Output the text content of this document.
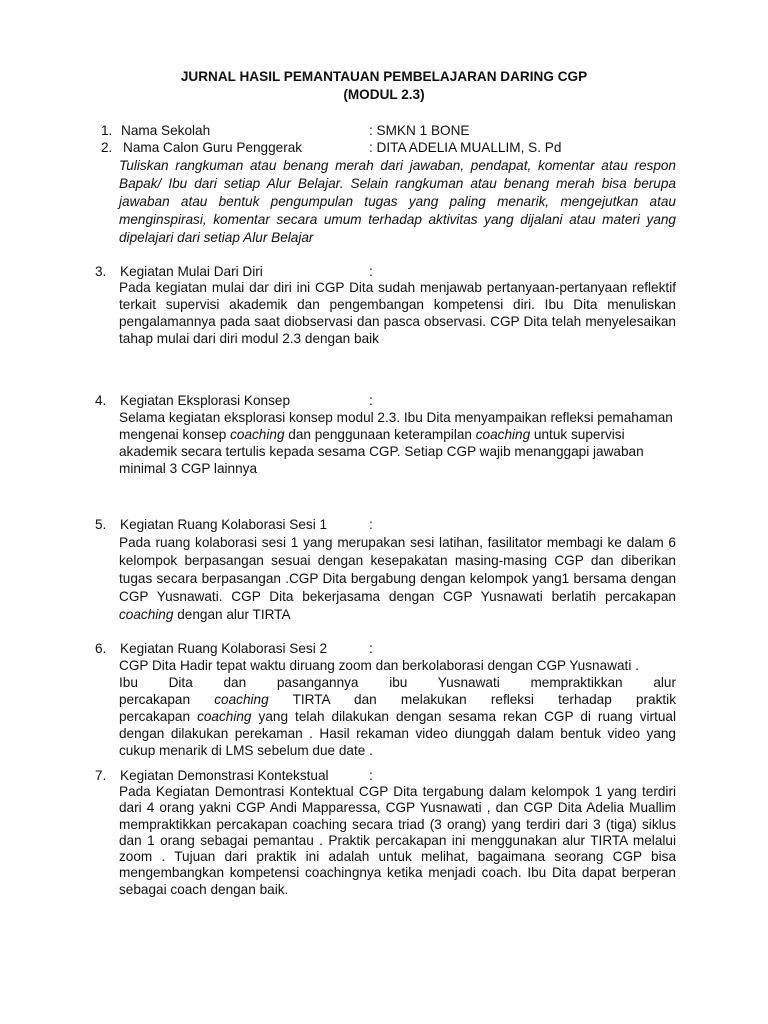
JURNAL HASIL PEMANTAUAN PEMBELAJARAN DARING CGP
(MODUL 2.3)
1. Nama Sekolah	: SMKN 1 BONE
2. Nama Calon Guru Penggerak	: DITA ADELIA MUALLIM, S. Pd

Tuliskan rangkuman atau benang merah dari jawaban, pendapat, komentar atau respon Bapak/ Ibu dari setiap Alur Belajar. Selain rangkuman atau benang merah bisa berupa jawaban atau bentuk pengumpulan tugas yang paling menarik, mengejutkan atau menginspirasi, komentar secara umum terhadap aktivitas yang dijalani atau materi yang dipelajari dari setiap Alur Belajar

3. Kegiatan Mulai Dari Diri	:

Pada kegiatan mulai dar diri ini CGP Dita sudah menjawab pertanyaan-pertanyaan reflektif terkait supervisi akademik dan pengembangan kompetensi diri. Ibu Dita menuliskan pengalamannya pada saat diobservasi dan pasca observasi. CGP Dita telah menyelesaikan tahap mulai dari diri modul 2.3 dengan baik

4. Kegiatan Eksplorasi Konsep	:

Selama kegiatan eksplorasi konsep modul 2.3. Ibu Dita menyampaikan refleksi pemahaman mengenai konsep coaching dan penggunaan keterampilan coaching untuk supervisi akademik secara tertulis kepada sesama CGP. Setiap CGP wajib menanggapi jawaban minimal 3 CGP lainnya

5. Kegiatan Ruang Kolaborasi Sesi 1	:

Pada ruang kolaborasi sesi 1 yang merupakan sesi latihan, fasilitator membagi ke dalam 6 kelompok berpasangan sesuai dengan kesepakatan masing-masing CGP dan diberikan tugas secara berpasangan .CGP Dita bergabung dengan kelompok yang1 bersama dengan CGP Yusnawati. CGP Dita bekerjasama dengan CGP Yusnawati berlatih percakapan coaching dengan alur TIRTA

6. Kegiatan Ruang Kolaborasi Sesi 2	:

CGP Dita Hadir tepat waktu diruang zoom dan berkolaborasi dengan CGP Yusnawati .

Ibu Dita dan pasangannya ibu Yusnawati mempraktikkan alur

percakapan coaching TIRTA dan melakukan refleksi terhadap praktik

percakapan coaching yang telah dilakukan dengan sesama rekan CGP di ruang virtual

dengan dilakukan perekaman . Hasil rekaman video diunggah dalam bentuk video yang

cukup menarik di LMS sebelum due date .

7. Kegiatan Demonstrasi Kontekstual	:

Pada Kegiatan Demontrasi Kontektual CGP Dita tergabung dalam kelompok 1 yang terdiri dari 4 orang yakni CGP Andi Mapparessa, CGP Yusnawati , dan CGP Dita Adelia Muallim mempraktikkan percakapan coaching secara triad (3 orang) yang terdiri dari 3 (tiga) siklus dan 1 orang sebagai pemantau . Praktik percakapan ini menggunakan alur TIRTA melalui zoom . Tujuan dari praktik ini adalah untuk melihat, bagaimana seorang CGP bisa mengembangkan kompetensi coachingnya ketika menjadi coach. Ibu Dita dapat berperan sebagai coach dengan baik.
